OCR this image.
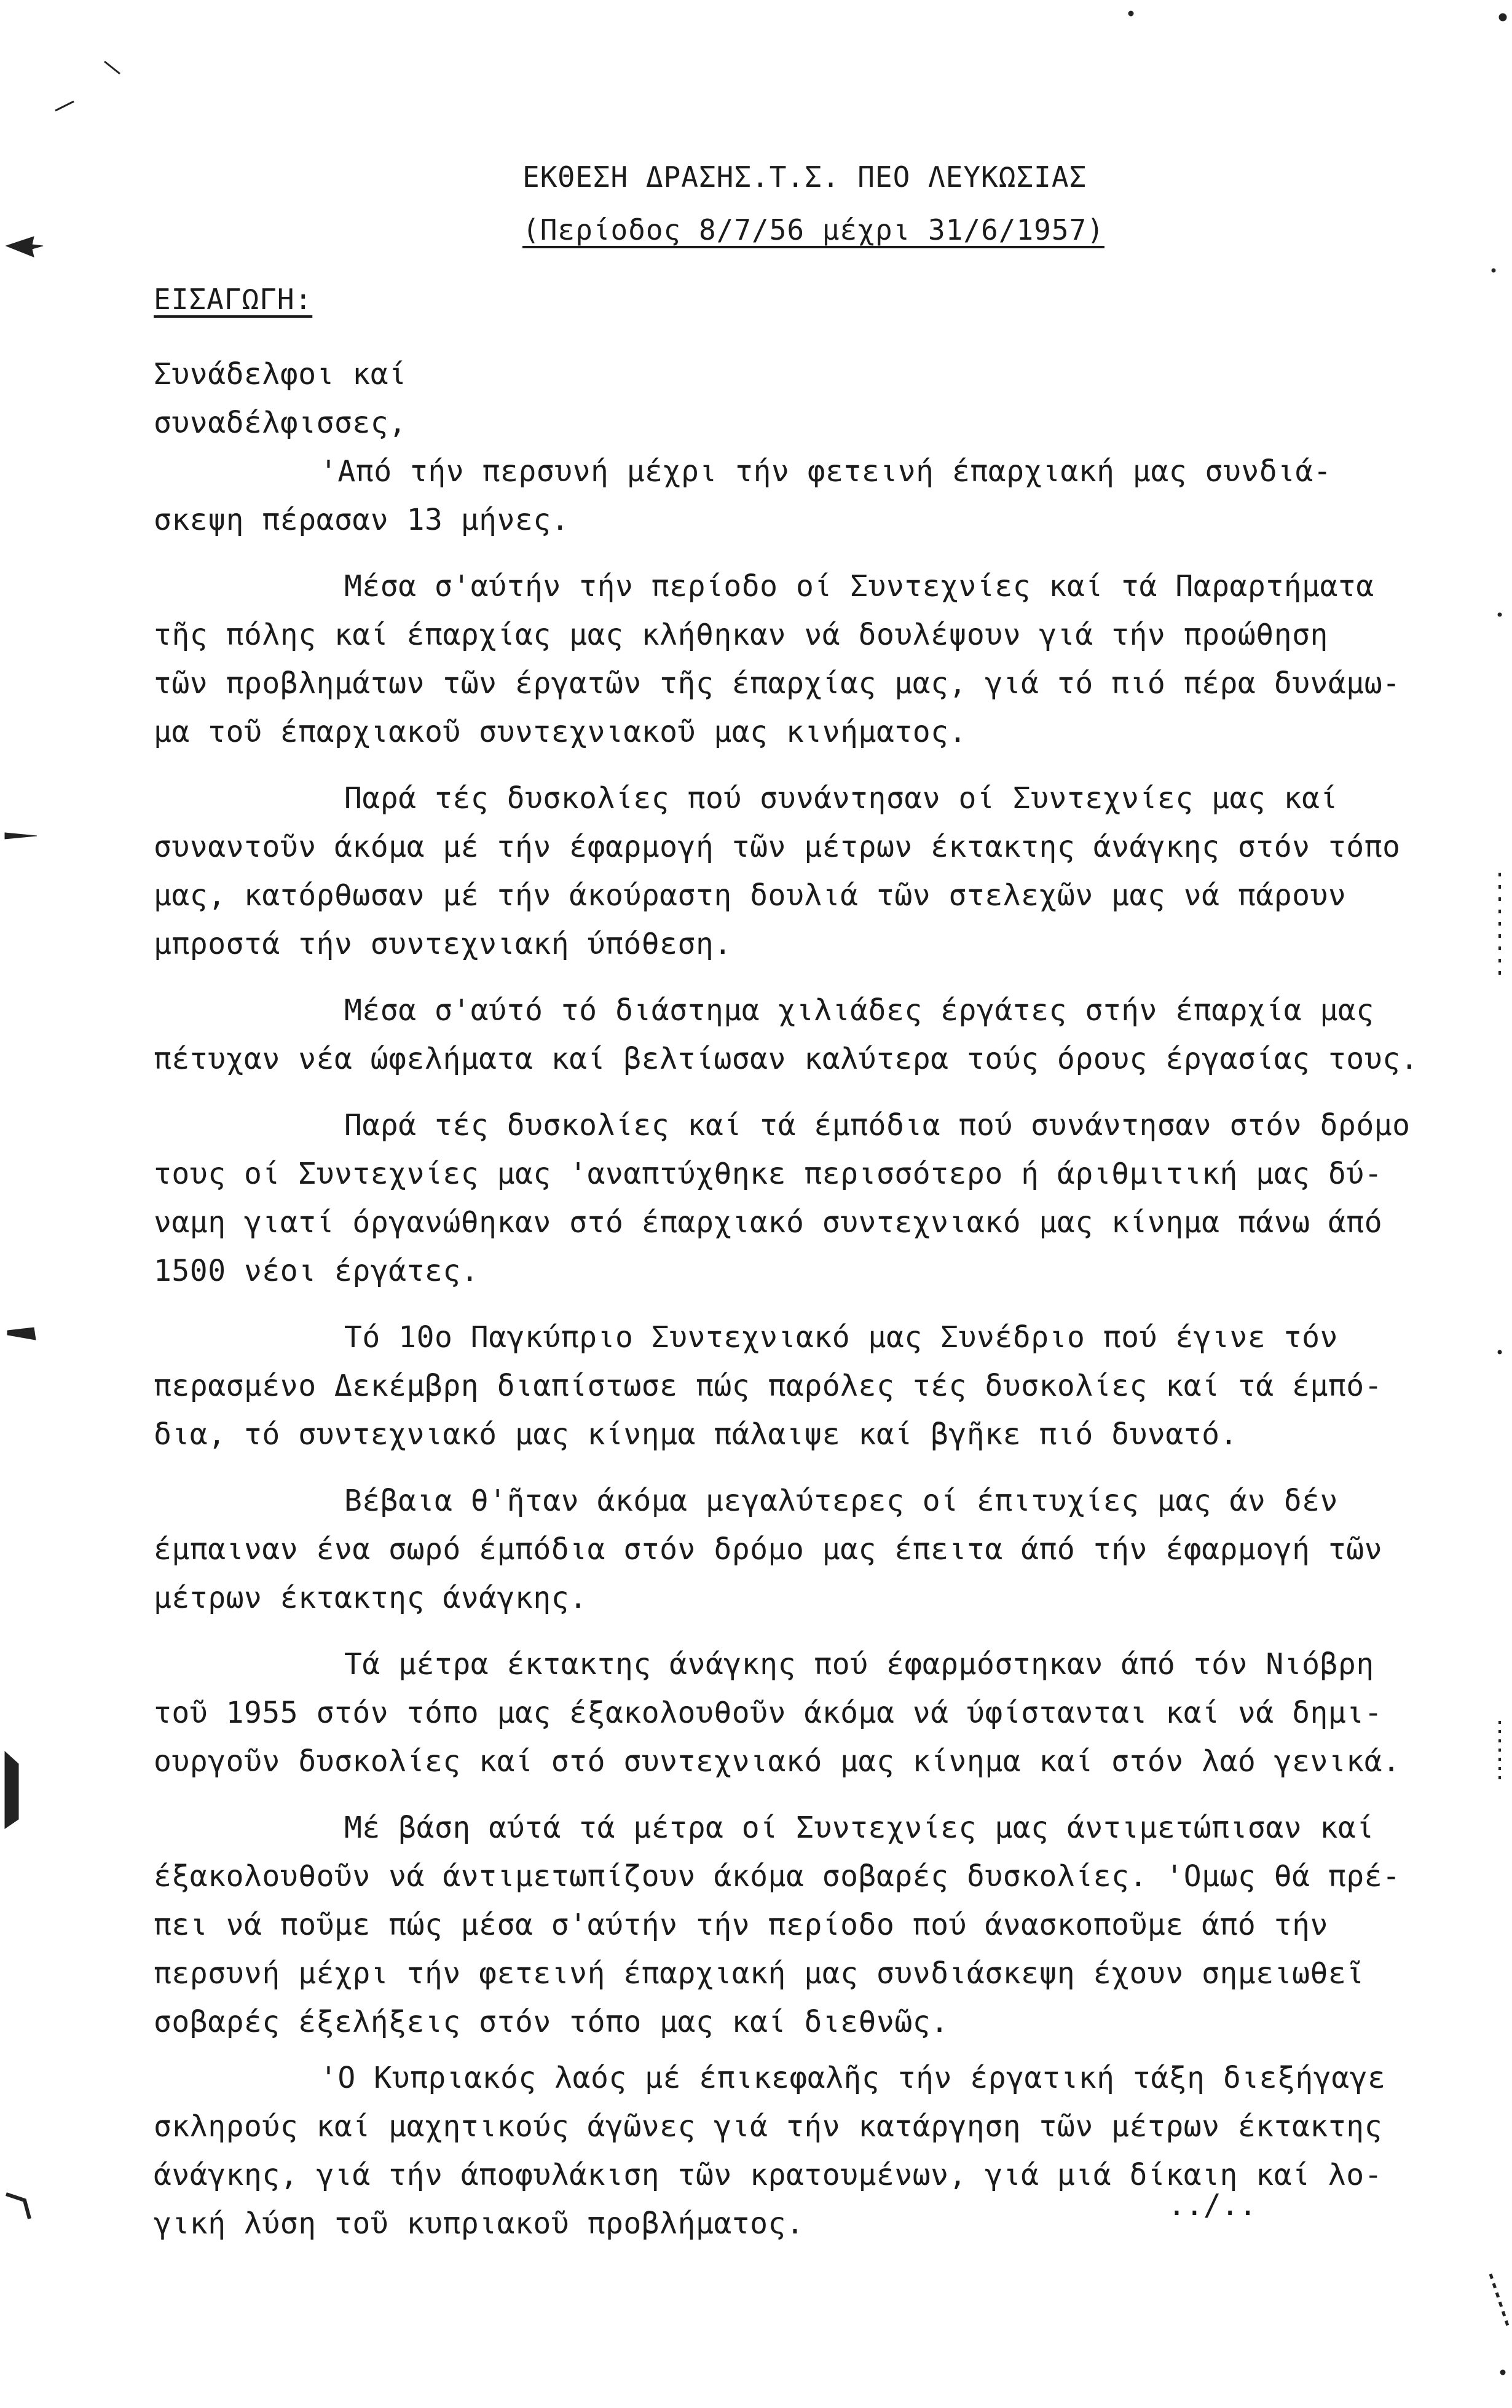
ΕΚΘΕΣΗ ΔΡΑΣΗΣ.Τ.Σ. ΠΕΟ ΛΕΥΚΩΣΙΑΣ
(Περίοδος 8/7/56 μέχρι 31/6/1957)
ΕΙΣΑΓΩΓΗ:
Συνάδελφοι καί
συναδέλφισσες,
'Από τήν περσυνή μέχρι τήν φετεινή έπαρχιακή μας συνδιά-
σκεψη πέρασαν 13 μήνες.
Μέσα σ'αύτήν τήν περίοδο οί Συντεχνίες καί τά Παραρτήματα
τῆς πόλης καί έπαρχίας μας κλήθηκαν νά δουλέψουν γιά τήν προώθηση
τῶν προβλημάτων τῶν έργατῶν τῆς έπαρχίας μας, γιά τό πιό πέρα δυνάμω-
μα τοῦ έπαρχιακοῦ συντεχνιακοῦ μας κινήματος.
Παρά τές δυσκολίες πού συνάντησαν οί Συντεχνίες μας καί
συναντοῦν άκόμα μέ τήν έφαρμογή τῶν μέτρων έκτακτης άνάγκης στόν τόπο
μας, κατόρθωσαν μέ τήν άκούραστη δουλιά τῶν στελεχῶν μας νά πάρουν
μπροστά τήν συντεχνιακή ύπόθεση.
Μέσα σ'αύτό τό διάστημα χιλιάδες έργάτες στήν έπαρχία μας
πέτυχαν νέα ώφελήματα καί βελτίωσαν καλύτερα τούς όρους έργασίας τους.
Παρά τές δυσκολίες καί τά έμπόδια πού συνάντησαν στόν δρόμο
τους οί Συντεχνίες μας 'αναπτύχθηκε περισσότερο ή άριθμιτική μας δύ-
ναμη γιατί όργανώθηκαν στό έπαρχιακό συντεχνιακό μας κίνημα πάνω άπό
1500 νέοι έργάτες.
Τό 10ο Παγκύπριο Συντεχνιακό μας Συνέδριο πού έγινε τόν
περασμένο Δεκέμβρη διαπίστωσε πώς παρόλες τές δυσκολίες καί τά έμπό-
δια, τό συντεχνιακό μας κίνημα πάλαιψε καί βγῆκε πιό δυνατό.
Βέβαια θ'ῆταν άκόμα μεγαλύτερες οί έπιτυχίες μας άν δέν
έμπαιναν ένα σωρό έμπόδια στόν δρόμο μας έπειτα άπό τήν έφαρμογή τῶν
μέτρων έκτακτης άνάγκης.
Τά μέτρα έκτακτης άνάγκης πού έφαρμόστηκαν άπό τόν Νιόβρη
τοῦ 1955 στόν τόπο μας έξακολουθοῦν άκόμα νά ύφίστανται καί νά δημι-
ουργοῦν δυσκολίες καί στό συντεχνιακό μας κίνημα καί στόν λαό γενικά.
Μέ βάση αύτά τά μέτρα οί Συντεχνίες μας άντιμετώπισαν καί
έξακολουθοῦν νά άντιμετωπίζουν άκόμα σοβαρές δυσκολίες. 'Ομως θά πρέ-
πει νά ποῦμε πώς μέσα σ'αύτήν τήν περίοδο πού άνασκοποῦμε άπό τήν
περσυνή μέχρι τήν φετεινή έπαρχιακή μας συνδιάσκεψη έχουν σημειωθεῖ
σοβαρές έξελήξεις στόν τόπο μας καί διεθνῶς.
'Ο Κυπριακός λαός μέ έπικεφαλῆς τήν έργατική τάξη διεξήγαγε
σκληρούς καί μαχητικούς άγῶνες γιά τήν κατάργηση τῶν μέτρων έκτακτης
άνάγκης, γιά τήν άποφυλάκιση τῶν κρατουμένων, γιά μιά δίκαιη καί λο-
γική λύση τοῦ κυπριακοῦ προβλήματος.
../..
